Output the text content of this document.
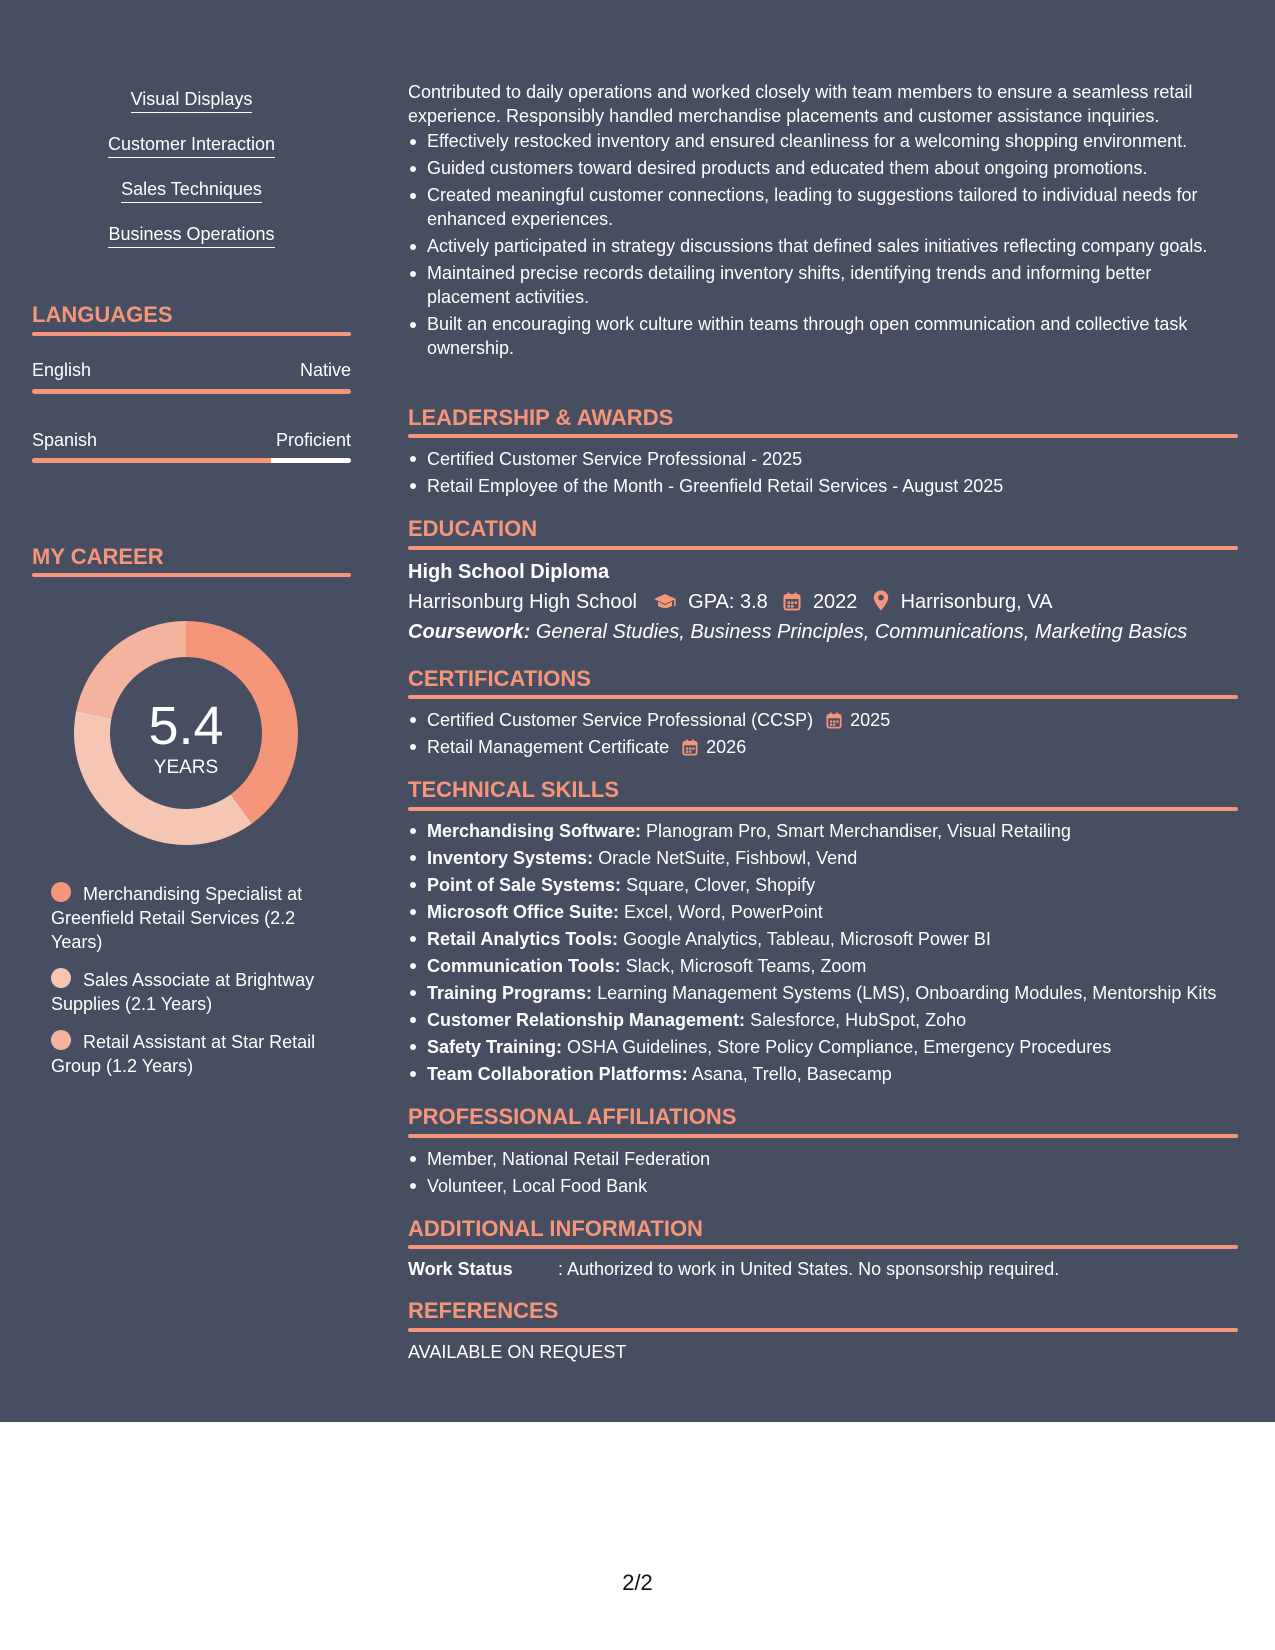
Visual Displays
Customer Interaction
Sales Techniques
Business Operations
LANGUAGES
English	Native
Spanish	Proficient
MY CAREER
5.4
YEARS
Merchandising Specialist at Greenfield Retail Services (2.2 Years)
Sales Associate at Brightway Supplies (2.1 Years)
Retail Assistant at Star Retail Group (1.2 Years)
Contributed to daily operations and worked closely with team members to ensure a seamless retail experience. Responsibly handled merchandise placements and customer assistance inquiries.
Effectively restocked inventory and ensured cleanliness for a welcoming shopping environment.
Guided customers toward desired products and educated them about ongoing promotions.
Created meaningful customer connections, leading to suggestions tailored to individual needs for enhanced experiences.
Actively participated in strategy discussions that defined sales initiatives reflecting company goals.
Maintained precise records detailing inventory shifts, identifying trends and informing better placement activities.
Built an encouraging work culture within teams through open communication and collective task ownership.
LEADERSHIP & AWARDS
Certified Customer Service Professional - 2025
Retail Employee of the Month - Greenfield Retail Services - August 2025
EDUCATION
High School Diploma
Harrisonburg High School	GPA: 3.8 2022 Harrisonburg, VA
Coursework: General Studies, Business Principles, Communications, Marketing Basics
CERTIFICATIONS
Certified Customer Service Professional (CCSP) 2025
Retail Management Certificate 2026
TECHNICAL SKILLS
Merchandising Software: Planogram Pro, Smart Merchandiser, Visual Retailing
Inventory Systems: Oracle NetSuite, Fishbowl, Vend
Point of Sale Systems: Square, Clover, Shopify
Microsoft Office Suite: Excel, Word, PowerPoint
Retail Analytics Tools: Google Analytics, Tableau, Microsoft Power BI
Communication Tools: Slack, Microsoft Teams, Zoom
Training Programs: Learning Management Systems (LMS), Onboarding Modules, Mentorship Kits
Customer Relationship Management: Salesforce, HubSpot, Zoho
Safety Training: OSHA Guidelines, Store Policy Compliance, Emergency Procedures
Team Collaboration Platforms: Asana, Trello, Basecamp
PROFESSIONAL AFFILIATIONS
Member, National Retail Federation
Volunteer, Local Food Bank
ADDITIONAL INFORMATION
Work Status	: Authorized to work in United States. No sponsorship required.
REFERENCES
AVAILABLE ON REQUEST
2/2
